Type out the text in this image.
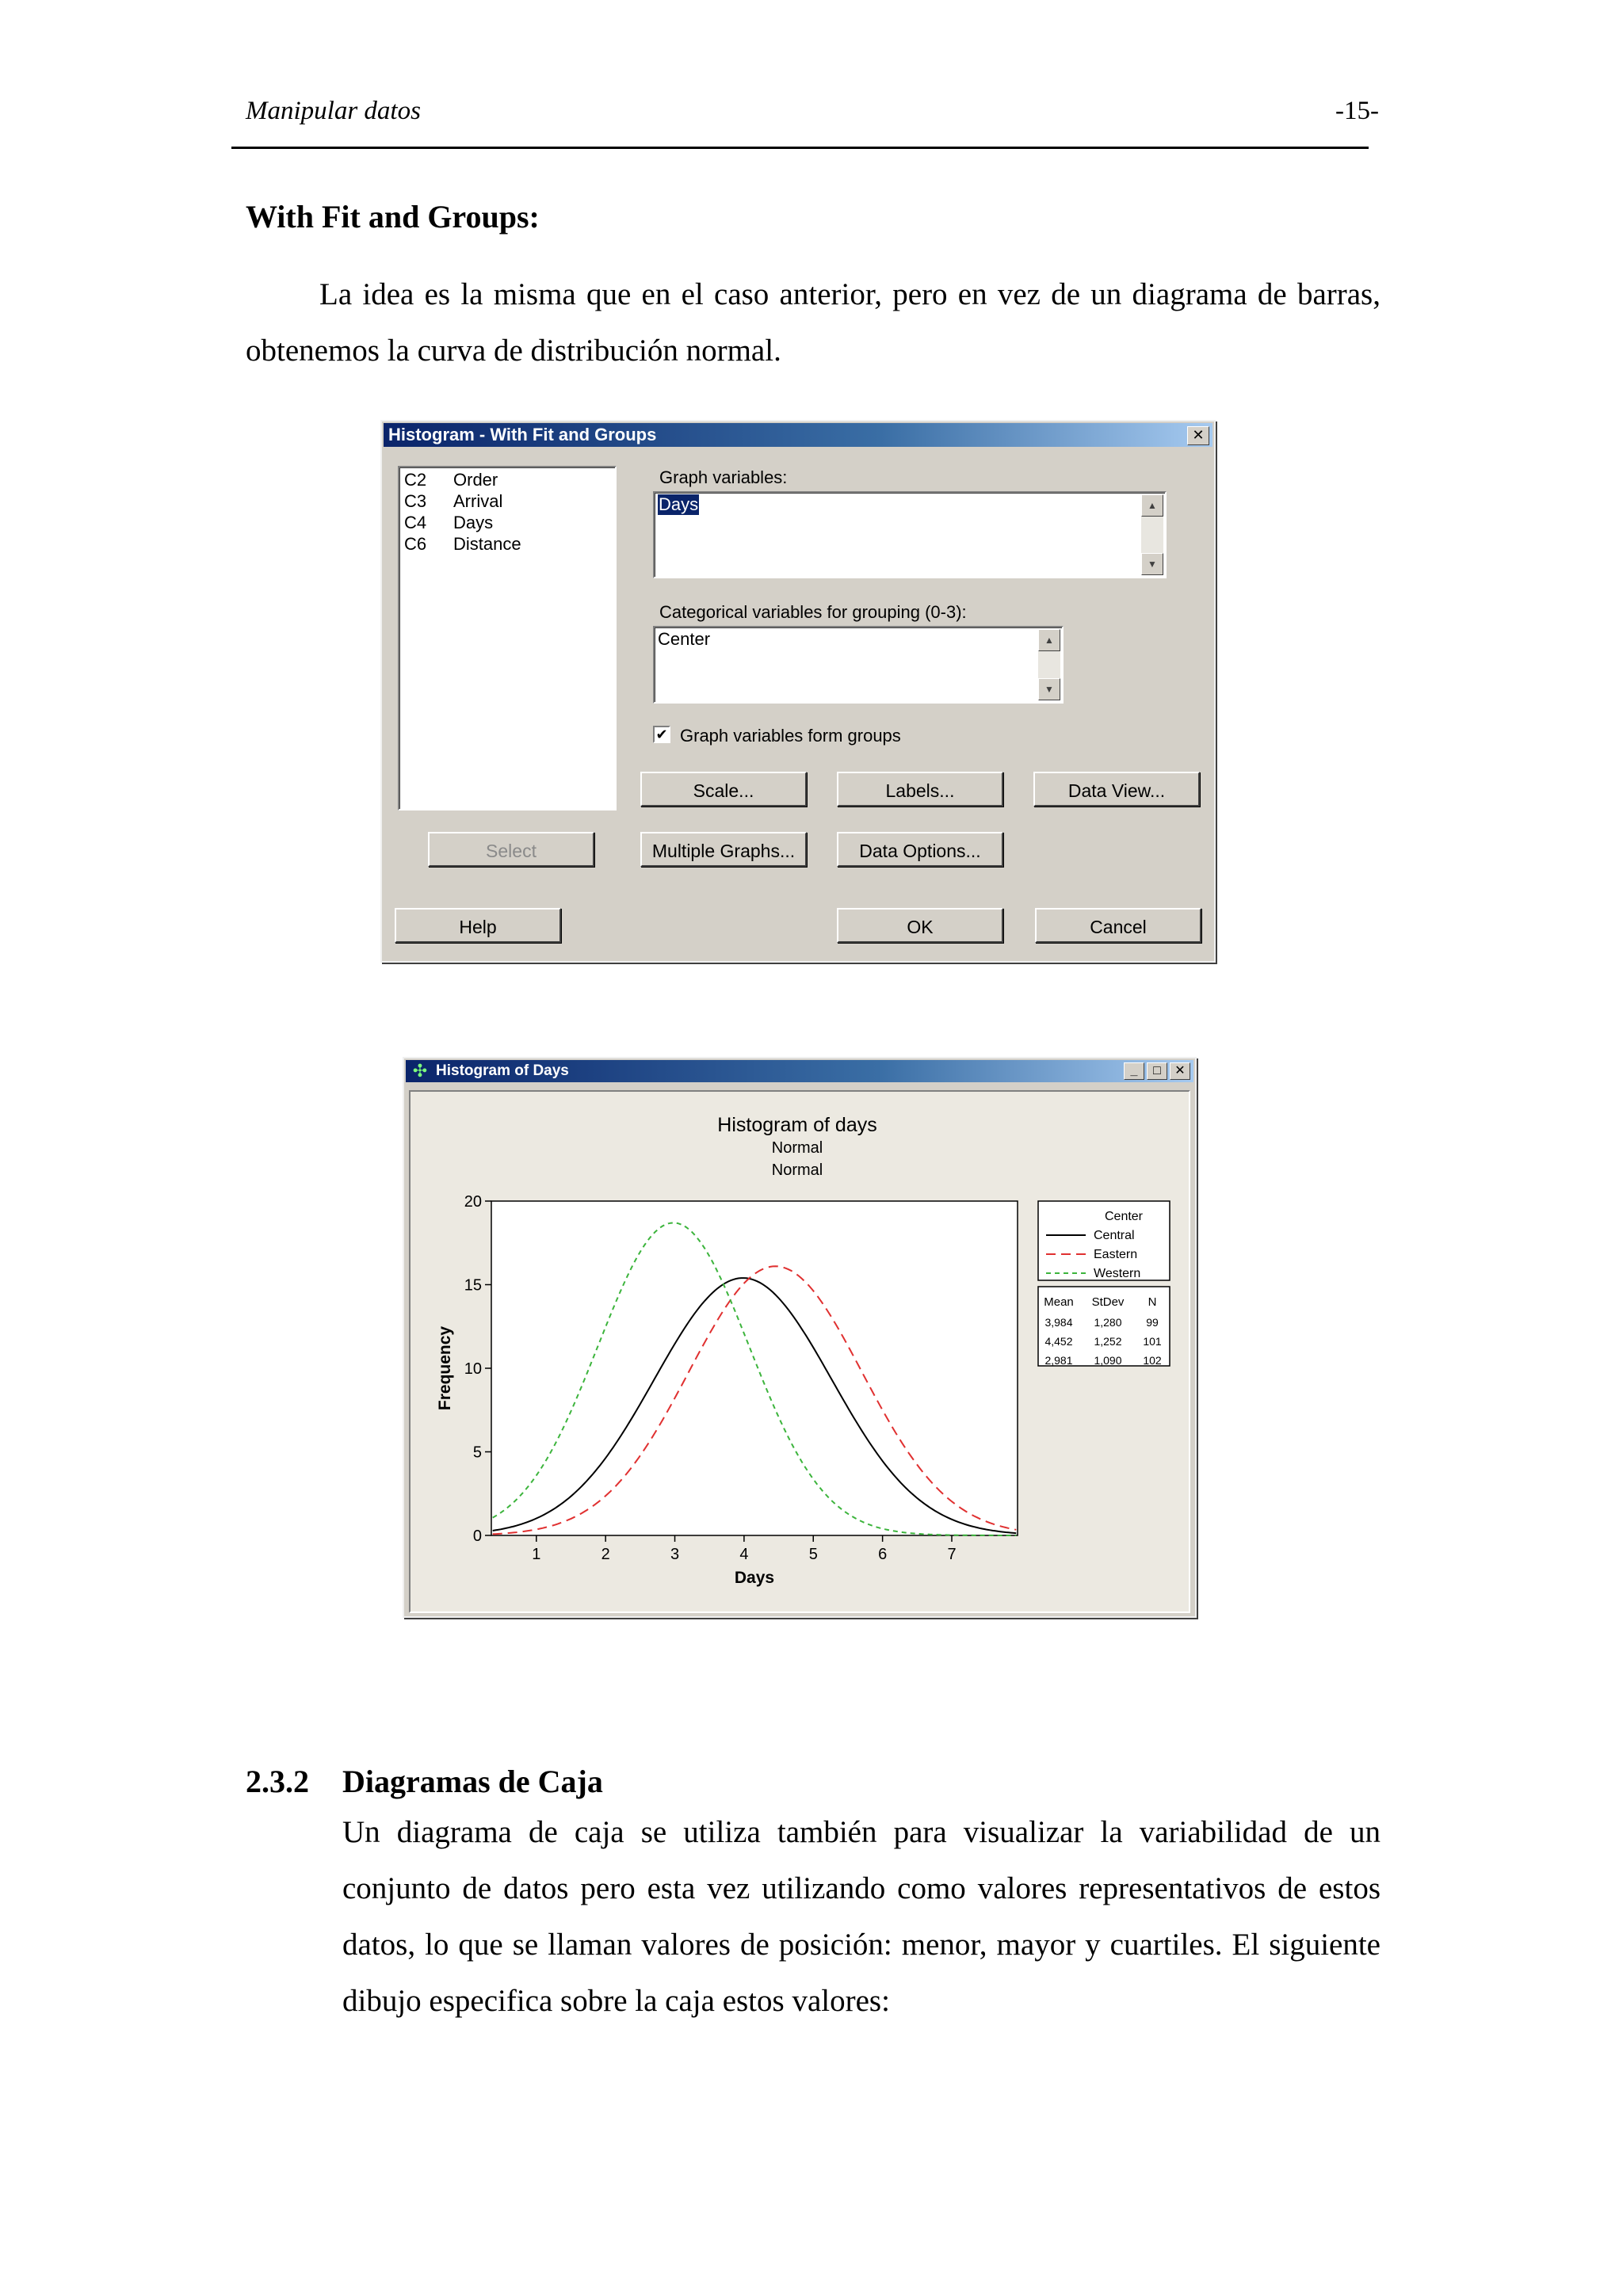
Manipular datos	-15-
With Fit and Groups:
La idea es la misma que en el caso anterior, pero en vez de un diagrama de barras, obtenemos la curva de distribución normal.
Histogram - With Fit and Groups	✕
C2 Order
C3 Arrival
C4 Days
C6 Distance
Graph variables:
Days	▲
▼
Categorical variables for grouping (0-3):
Center	▲
▼
✔ Graph variables form groups
Scale...	Labels...	Data View...
Select	Multiple Graphs...	Data Options...
Help	OK	Cancel
✣ Histogram of Days	_	□	✕
Histogram of days
Normal
Normal
0
5
10
15
20
1	2	3	4	5	6	7
Days
Frequency
Center
Central
Eastern
Western
Mean StDev N
3,984 1,280 99
4,452 1,252 101
2,981 1,090 102
2.3.2 Diagramas de Caja
Un diagrama de caja se utiliza también para visualizar la variabilidad de un conjunto de datos pero esta vez utilizando como valores representativos de estos datos, lo que se llaman valores de posición: menor, mayor y cuartiles. El siguiente dibujo especifica sobre la caja estos valores:
